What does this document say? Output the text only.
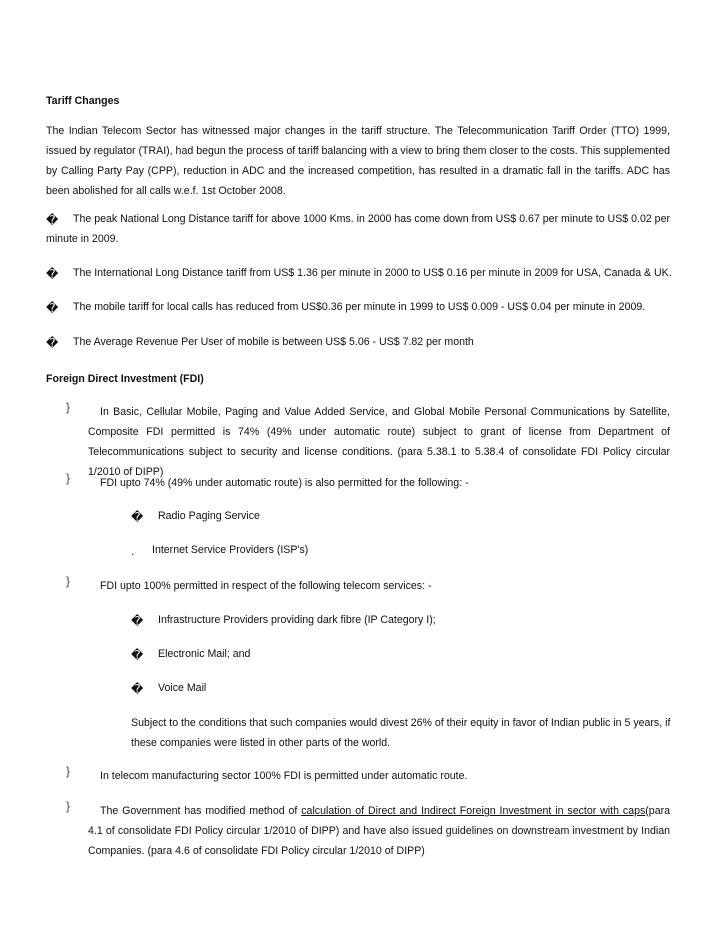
Tariff Changes
The Indian Telecom Sector has witnessed major changes in the tariff structure. The Telecommunication Tariff Order (TTO) 1999, issued by regulator (TRAI), had begun the process of tariff balancing with a view to bring them closer to the costs. This supplemented by Calling Party Pay (CPP), reduction in ADC and the increased competition, has resulted in a dramatic fall in the tariffs. ADC has been abolished for all calls w.e.f. 1st October 2008.
�	The peak National Long Distance tariff for above 1000 Kms. in 2000 has come down from US$ 0.67 per minute to US$ 0.02 per minute in 2009.
� The International Long Distance tariff from US$ 1.36 per minute in 2000 to US$ 0.16 per minute in 2009 for USA, Canada & UK.
� The mobile tariff for local calls has reduced from US$0.36 per minute in 1999 to US$ 0.009 - US$ 0.04 per minute in 2009.
� The Average Revenue Per User of mobile is between US$ 5.06 - US$ 7.82 per month
Foreign Direct Investment (FDI)
}	In Basic, Cellular Mobile, Paging and Value Added Service, and Global Mobile Personal Communications by Satellite, Composite FDI permitted is 74% (49% under automatic route) subject to grant of license from Department of Telecommunications subject to security and license conditions. (para 5.38.1 to 5.38.4 of consolidate FDI Policy circular 1/2010 of DIPP)
}	FDI upto 74% (49% under automatic route) is also permitted for the following: -
� Radio Paging Service
. Internet Service Providers (ISP's)
}	FDI upto 100% permitted in respect of the following telecom services: -
� Infrastructure Providers providing dark fibre (IP Category I);
� Electronic Mail; and
� Voice Mail
Subject to the conditions that such companies would divest 26% of their equity in favor of Indian public in 5 years, if these companies were listed in other parts of the world.
}	In telecom manufacturing sector 100% FDI is permitted under automatic route.
}	The Government has modified method of calculation of Direct and Indirect Foreign Investment in sector with caps(para 4.1 of consolidate FDI Policy circular 1/2010 of DIPP) and have also issued guidelines on downstream investment by Indian Companies. (para 4.6 of consolidate FDI Policy circular 1/2010 of DIPP)
